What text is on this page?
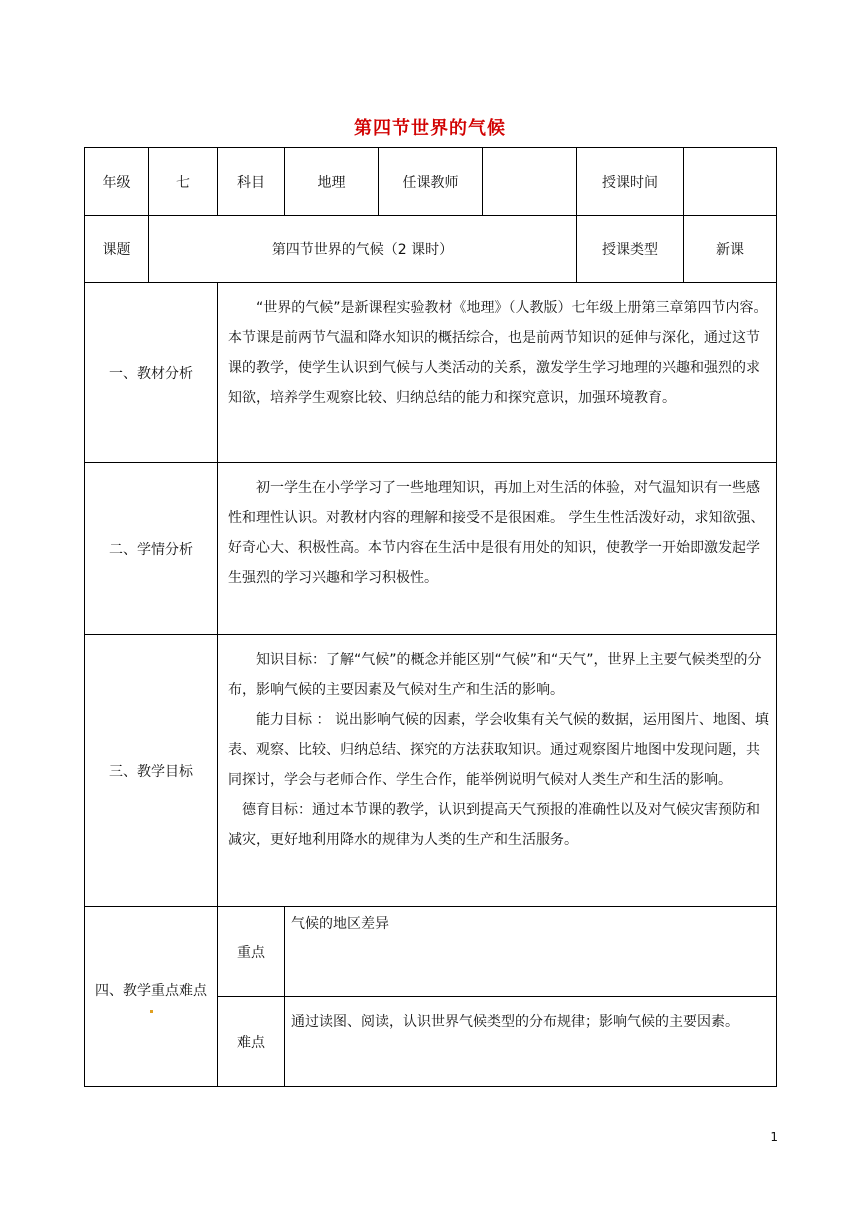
第四节世界的气候
年级	七	科目	地理	任课教师		授课时间	
课题	第四节世界的气候（2 课时）					授课类型	新课
一、教材分析		“世界的气候”是新课程实验教材《地理》（人教版）七年级上册第三章第四节内容。本节课是前两节气温和降水知识的概括综合，也是前两节知识的延伸与深化，通过这节课的教学，使学生认识到气候与人类活动的关系，激发学生学习地理的兴趣和强烈的求知欲，培养学生观察比较、归纳总结的能力和探究意识，加强环境教育。					

二、学情分析		初一学生在小学学习了一些地理知识，再加上对生活的体验，对气温知识有一些感性和理性认识。对教材内容的理解和接受不是很困难。 学生生性活泼好动，求知欲强、好奇心大、积极性高。本节内容在生活中是很有用处的知识，使教学一开始即激发起学生强烈的学习兴趣和学习积极性。					

三、教学目标		知识目标：了解“气候”的概念并能区别“气候”和“天气”，世界上主要气候类型的分布，影响气候的主要因素及气候对生产和生活的影响。

能力目标 ： 说出影响气候的因素，学会收集有关气候的数据，运用图片、地图、填表、观察、比较、归纳总结、探究的方法获取知识。通过观察图片地图中发现问题，共同探讨，学会与老师合作、学生合作，能举例说明气候对人类生产和生活的影响。

德育目标：通过本节课的教学，认识到提高天气预报的准确性以及对气候灾害预防和减灾，更好地利用降水的规律为人类的生产和生活服务。					

四、教学重点难点		重点	气候的地区差异				
		难点	通过读图、阅读，认识世界气候类型的分布规律；影响气候的主要因素。				
1
